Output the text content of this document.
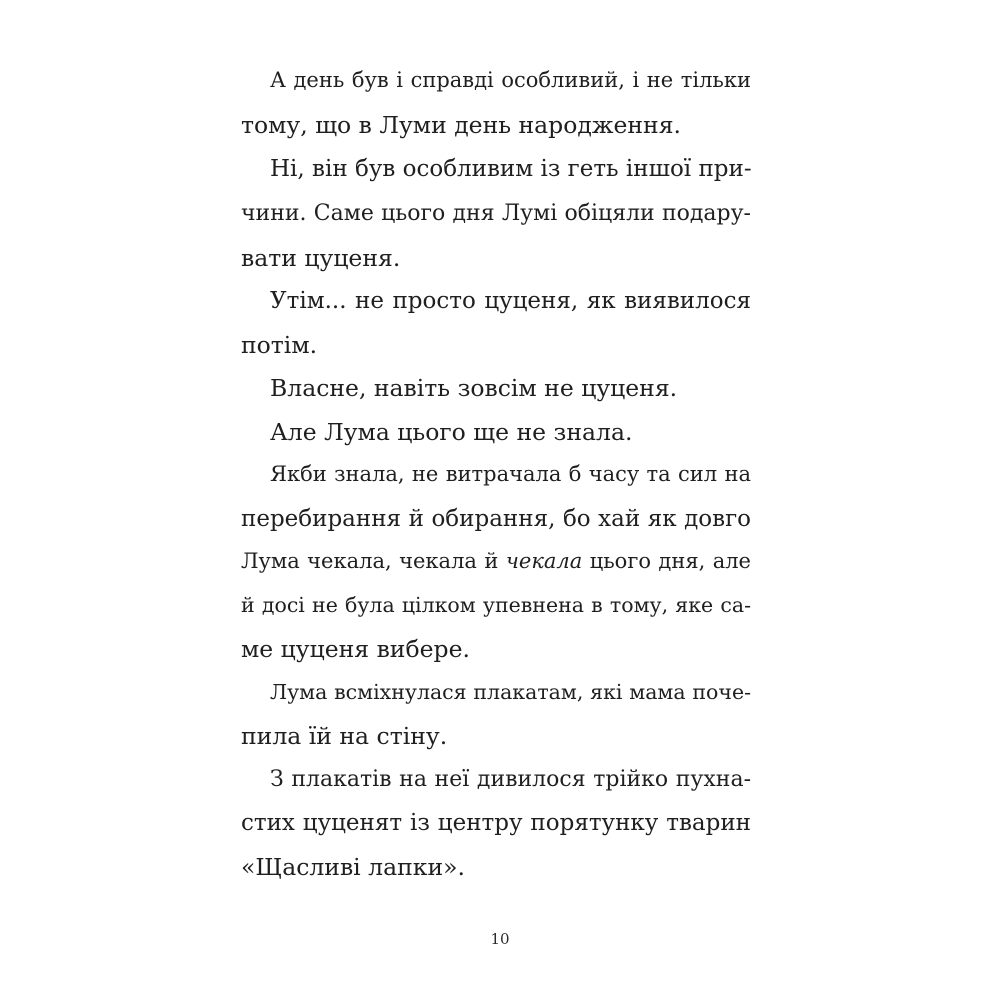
А день був і справді особливий, і не тільки
тому, що в Луми день народження.
Ні, він був особливим із геть іншої при-
чини. Саме цього дня Лумі обіцяли подару-
вати цуценя.
Утім... не просто цуценя, як виявилося
потім.
Власне, навіть зовсім не цуценя.
Але Лума цього ще не знала.
Якби знала, не витрачала б часу та сил на
перебирання й обирання, бо хай як довго
Лума чекала, чекала й чекала цього дня, але
й досі не була цілком упевнена в тому, яке са-
ме цуценя вибере.
Лума всміхнулася плакатам, які мама поче-
пила їй на стіну.
З плакатів на неї дивилося трійко пухна-
стих цуценят із центру порятунку тварин
«Щасливі лапки».
10
